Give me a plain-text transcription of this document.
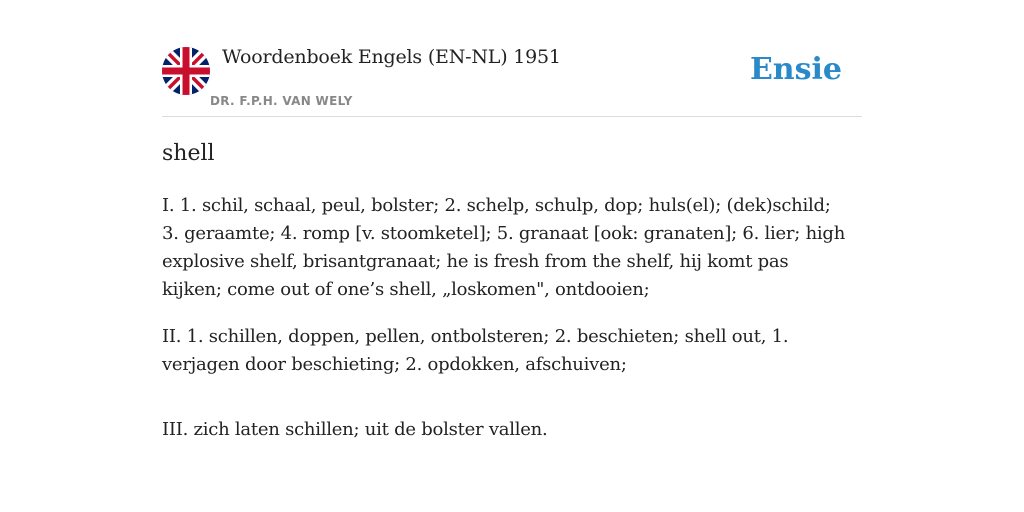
Woordenboek Engels (EN-NL) 1951
DR. F.P.H. VAN WELY
Ensie
shell

I. 1. schil, schaal, peul, bolster; 2. schelp, schulp, dop; huls(el); (dek)schild; 3. geraamte; 4. romp [v. stoomketel]; 5. granaat [ook: granaten]; 6. lier; high explosive shelf, brisantgranaat; he is fresh from the shelf, hij komt pas kijken; come out of one’s shell, „loskomen", ontdooien;

II. 1. schillen, doppen, pellen, ontbolsteren; 2. beschieten; shell out, 1. verjagen door beschieting; 2. opdokken, afschuiven;

III. zich laten schillen; uit de bolster vallen.
